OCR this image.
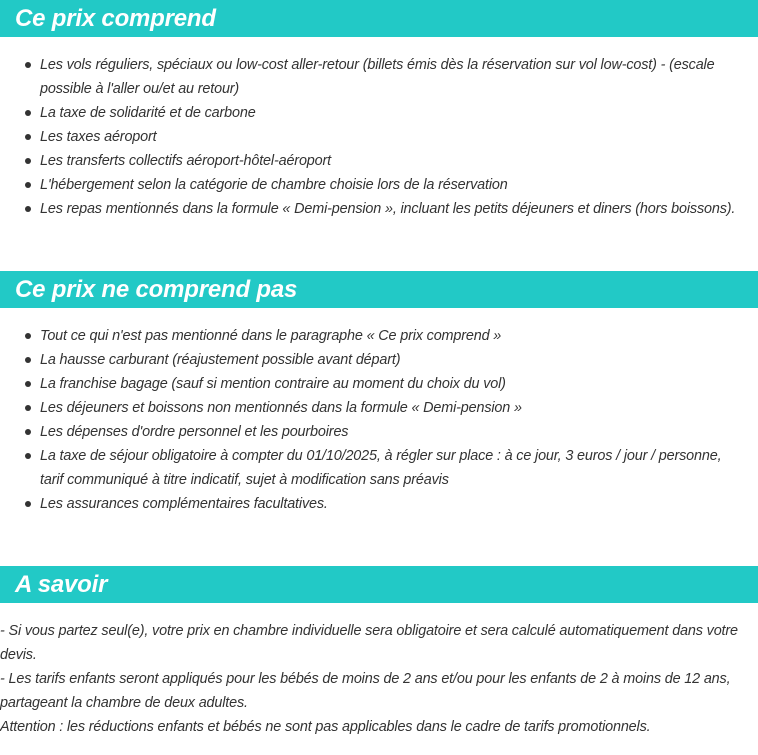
Ce prix comprend
Les vols réguliers, spéciaux ou low-cost aller-retour (billets émis dès la réservation sur vol low-cost) - (escale possible à l'aller ou/et au retour)
La taxe de solidarité et de carbone
Les taxes aéroport
Les transferts collectifs aéroport-hôtel-aéroport
L'hébergement selon la catégorie de chambre choisie lors de la réservation
Les repas mentionnés dans la formule « Demi-pension », incluant les petits déjeuners et diners (hors boissons).
Ce prix ne comprend pas
Tout ce qui n'est pas mentionné dans le paragraphe « Ce prix comprend »
La hausse carburant (réajustement possible avant départ)
La franchise bagage (sauf si mention contraire au moment du choix du vol)
Les déjeuners et boissons non mentionnés dans la formule « Demi-pension »
Les dépenses d'ordre personnel et les pourboires
La taxe de séjour obligatoire à compter du 01/10/2025, à régler sur place : à ce jour, 3 euros / jour / personne, tarif communiqué à titre indicatif, sujet à modification sans préavis
Les assurances complémentaires facultatives.
A savoir

- Si vous partez seul(e), votre prix en chambre individuelle sera obligatoire et sera calculé automatiquement dans votre devis.

- Les tarifs enfants seront appliqués pour les bébés de moins de 2 ans et/ou pour les enfants de 2 à moins de 12 ans, partageant la chambre de deux adultes.

Attention : les réductions enfants et bébés ne sont pas applicables dans le cadre de tarifs promotionnels.
